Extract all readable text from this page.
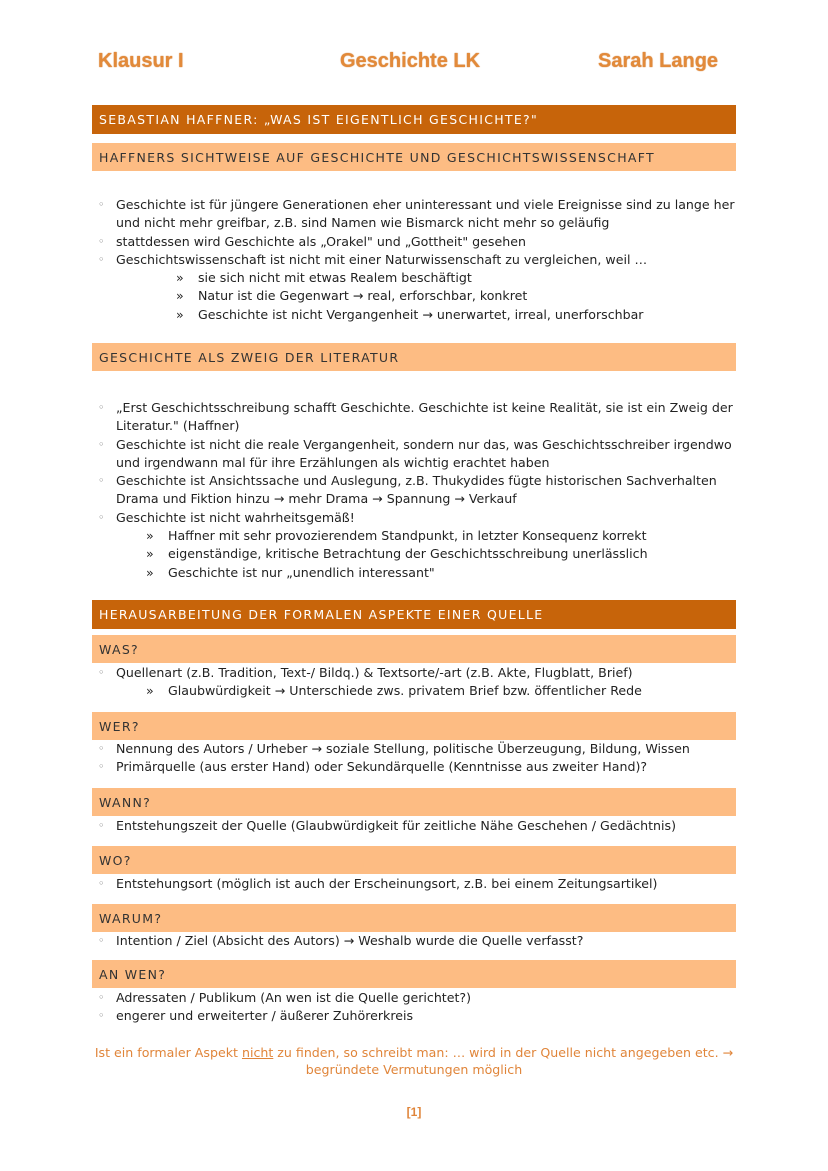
Klausur I	Geschichte LK	Sarah Lange
SEBASTIAN HAFFNER: „WAS IST EIGENTLICH GESCHICHTE?"
HAFFNERS SICHTWEISE AUF GESCHICHTE UND GESCHICHTSWISSENSCHAFT
◦ Geschichte ist für jüngere Generationen eher uninteressant und viele Ereignisse sind zu lange her und nicht mehr greifbar, z.B. sind Namen wie Bismarck nicht mehr so geläufig
◦ stattdessen wird Geschichte als „Orakel" und „Gottheit" gesehen
◦ Geschichtswissenschaft ist nicht mit einer Naturwissenschaft zu vergleichen, weil …
» sie sich nicht mit etwas Realem beschäftigt
» Natur ist die Gegenwart → real, erforschbar, konkret
» Geschichte ist nicht Vergangenheit → unerwartet, irreal, unerforschbar
GESCHICHTE ALS ZWEIG DER LITERATUR
◦ „Erst Geschichtsschreibung schafft Geschichte. Geschichte ist keine Realität, sie ist ein Zweig der Literatur." (Haffner)
◦ Geschichte ist nicht die reale Vergangenheit, sondern nur das, was Geschichtsschreiber irgendwo und irgendwann mal für ihre Erzählungen als wichtig erachtet haben
◦ Geschichte ist Ansichtssache und Auslegung, z.B. Thukydides fügte historischen Sachverhalten Drama und Fiktion hinzu → mehr Drama → Spannung → Verkauf
◦ Geschichte ist nicht wahrheitsgemäß!
» Haffner mit sehr provozierendem Standpunkt, in letzter Konsequenz korrekt
» eigenständige, kritische Betrachtung der Geschichtsschreibung unerlässlich
» Geschichte ist nur „unendlich interessant"
HERAUSARBEITUNG DER FORMALEN ASPEKTE EINER QUELLE
WAS?
◦ Quellenart (z.B. Tradition, Text-/ Bildq.) & Textsorte/-art (z.B. Akte, Flugblatt, Brief)
» Glaubwürdigkeit → Unterschiede zws. privatem Brief bzw. öffentlicher Rede
WER?
◦ Nennung des Autors / Urheber → soziale Stellung, politische Überzeugung, Bildung, Wissen
◦ Primärquelle (aus erster Hand) oder Sekundärquelle (Kenntnisse aus zweiter Hand)?
WANN?
◦ Entstehungszeit der Quelle (Glaubwürdigkeit für zeitliche Nähe Geschehen / Gedächtnis)
WO?
◦ Entstehungsort (möglich ist auch der Erscheinungsort, z.B. bei einem Zeitungsartikel)
WARUM?
◦ Intention / Ziel (Absicht des Autors) → Weshalb wurde die Quelle verfasst?
AN WEN?
◦ Adressaten / Publikum (An wen ist die Quelle gerichtet?)
◦ engerer und erweiterter / äußerer Zuhörerkreis
Ist ein formaler Aspekt nicht zu finden, so schreibt man: … wird in der Quelle nicht angegeben etc. → begründete Vermutungen möglich
[1]
